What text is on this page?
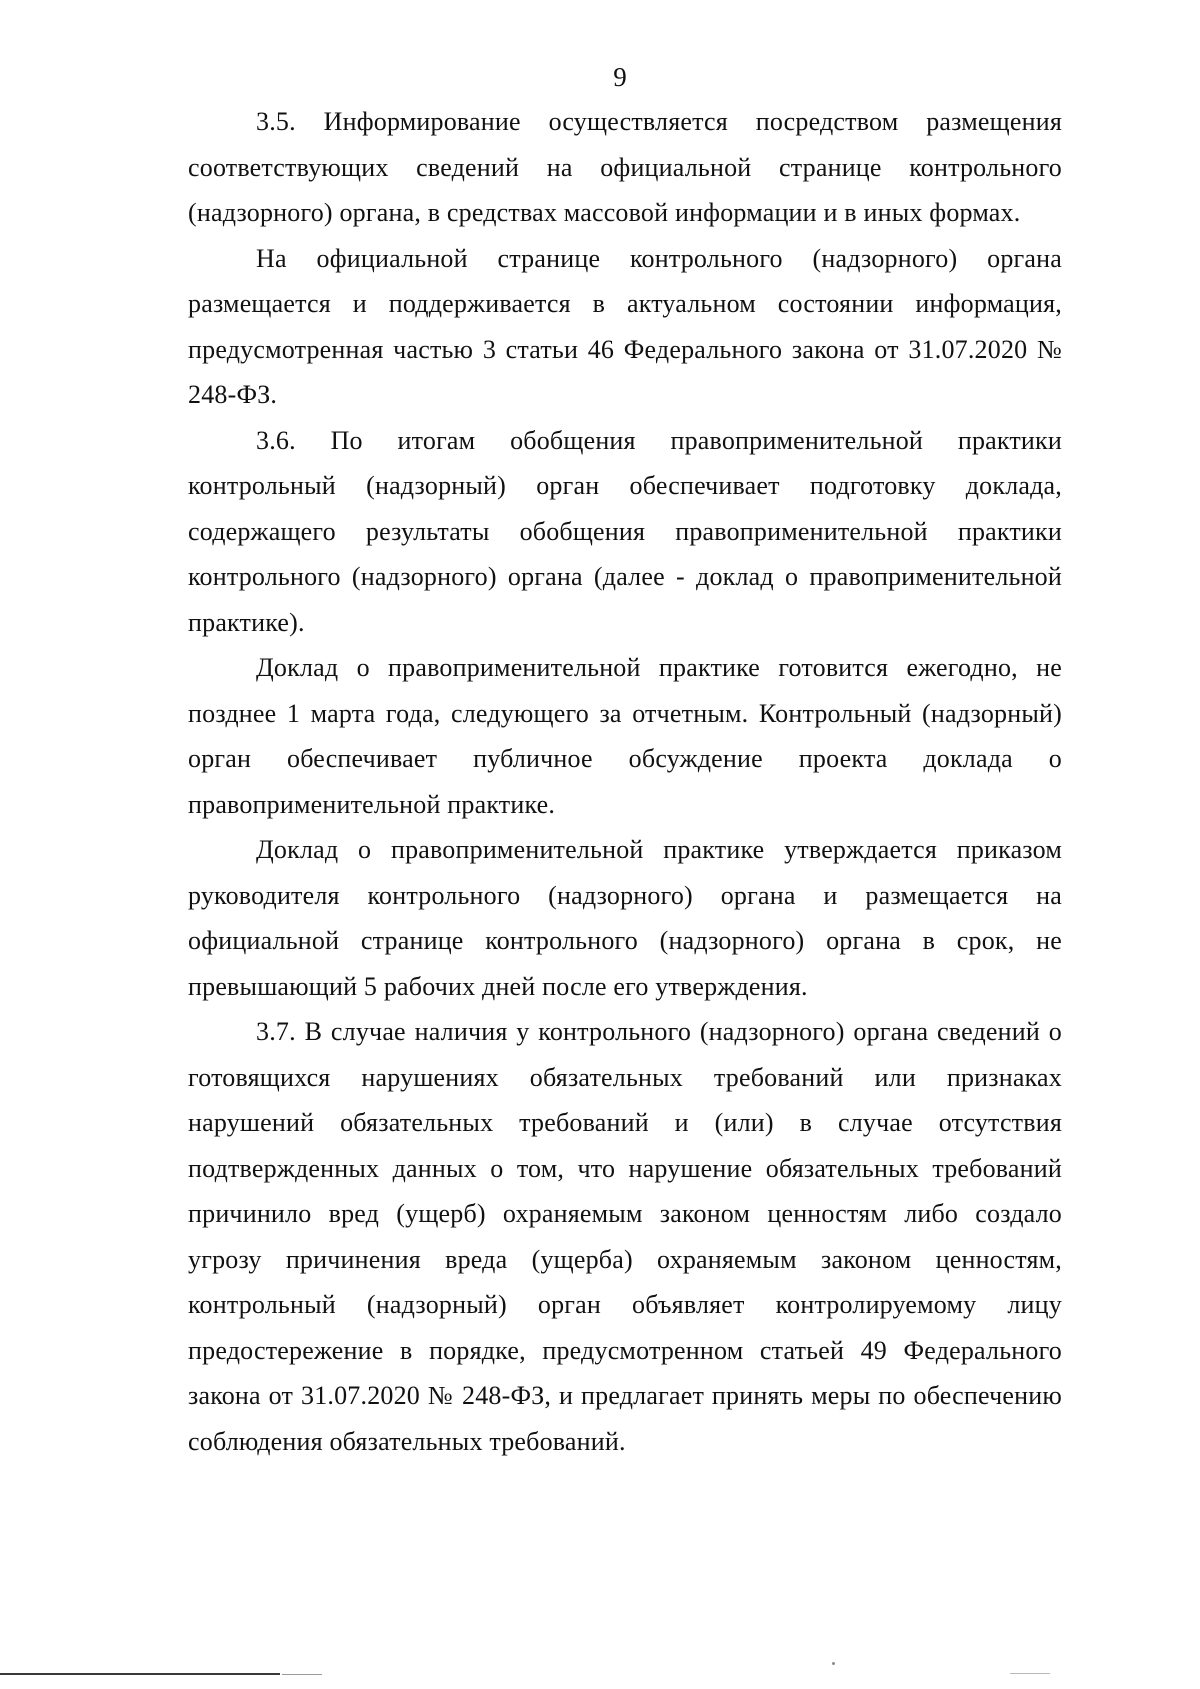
9

3.5. Информирование осуществляется посредством размещения соответствующих сведений на официальной странице контрольного (надзорного) органа, в средствах массовой информации и в иных формах.

На официальной странице контрольного (надзорного) органа размещается и поддерживается в актуальном состоянии информация, предусмотренная частью 3 статьи 46 Федерального закона от 31.07.2020 № 248-ФЗ.

3.6. По итогам обобщения правоприменительной практики контрольный (надзорный) орган обеспечивает подготовку доклада, содержащего результаты обобщения правоприменительной практики контрольного (надзорного) органа (далее - доклад о правоприменительной практике).

Доклад о правоприменительной практике готовится ежегодно, не позднее 1 марта года, следующего за отчетным. Контрольный (надзорный) орган обеспечивает публичное обсуждение проекта доклада о правоприменительной практике.

Доклад о правоприменительной практике утверждается приказом руководителя контрольного (надзорного) органа и размещается на официальной странице контрольного (надзорного) органа в срок, не превышающий 5 рабочих дней после его утверждения.

3.7. В случае наличия у контрольного (надзорного) органа сведений о готовящихся нарушениях обязательных требований или признаках нарушений обязательных требований и (или) в случае отсутствия подтвержденных данных о том, что нарушение обязательных требований причинило вред (ущерб) охраняемым законом ценностям либо создало угрозу причинения вреда (ущерба) охраняемым законом ценностям, контрольный (надзорный) орган объявляет контролируемому лицу предостережение в порядке, предусмотренном статьей 49 Федерального закона от 31.07.2020 № 248-ФЗ, и предлагает принять меры по обеспечению соблюдения обязательных требований.
